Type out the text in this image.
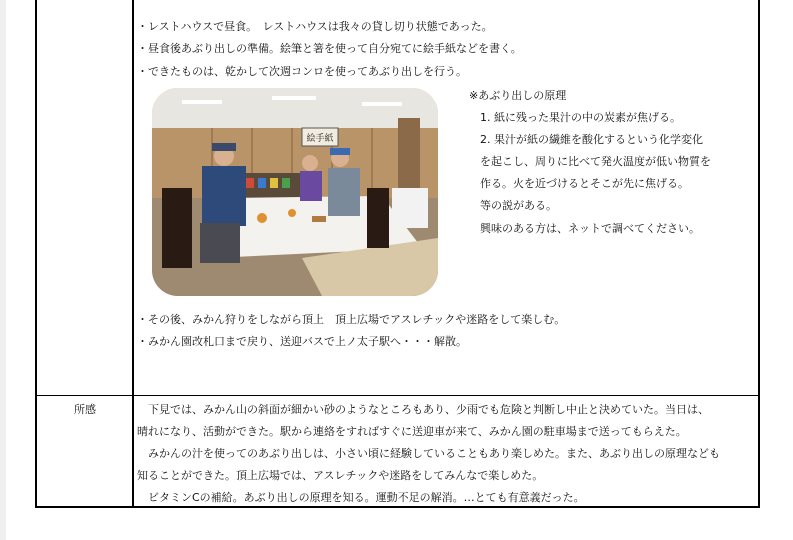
・レストハウスで昼食。　レストハウスは我々の貸し切り状態であった。
・昼食後あぶり出しの準備。絵筆と箸を使って自分宛てに絵手紙などを書く。
・できたものは、乾かして次週コンロを使ってあぶり出しを行う。
※あぶり出しの原理
1. 紙に残った果汁の中の炭素が焦げる。
2. 果汁が紙の繊維を酸化するという化学変化
を起こし、周りに比べて発火温度が低い物質を
作る。火を近づけるとそこが先に焦げる。
等の説がある。
興味のある方は、ネットで調べてください。
・その後、みかん狩りをしながら頂上　頂上広場でアスレチックや迷路をして楽しむ。
・みかん園改札口まで戻り、送迎バスで上ノ太子駅へ・・・解散。
所感	　下見では、みかん山の斜面が細かい砂のようなところもあり、少雨でも危険と判断し中止と決めていた。当日は、
晴れになり、活動ができた。駅から連絡をすればすぐに送迎車が来て、みかん園の駐車場まで送ってもらえた。
　みかんの汁を使ってのあぶり出しは、小さい頃に経験していることもあり楽しめた。また、あぶり出しの原理なども
知ることができた。頂上広場では、アスレチックや迷路をしてみんなで楽しめた。
　ビタミンCの補給。あぶり出しの原理を知る。運動不足の解消。…とても有意義だった。
絵手紙
